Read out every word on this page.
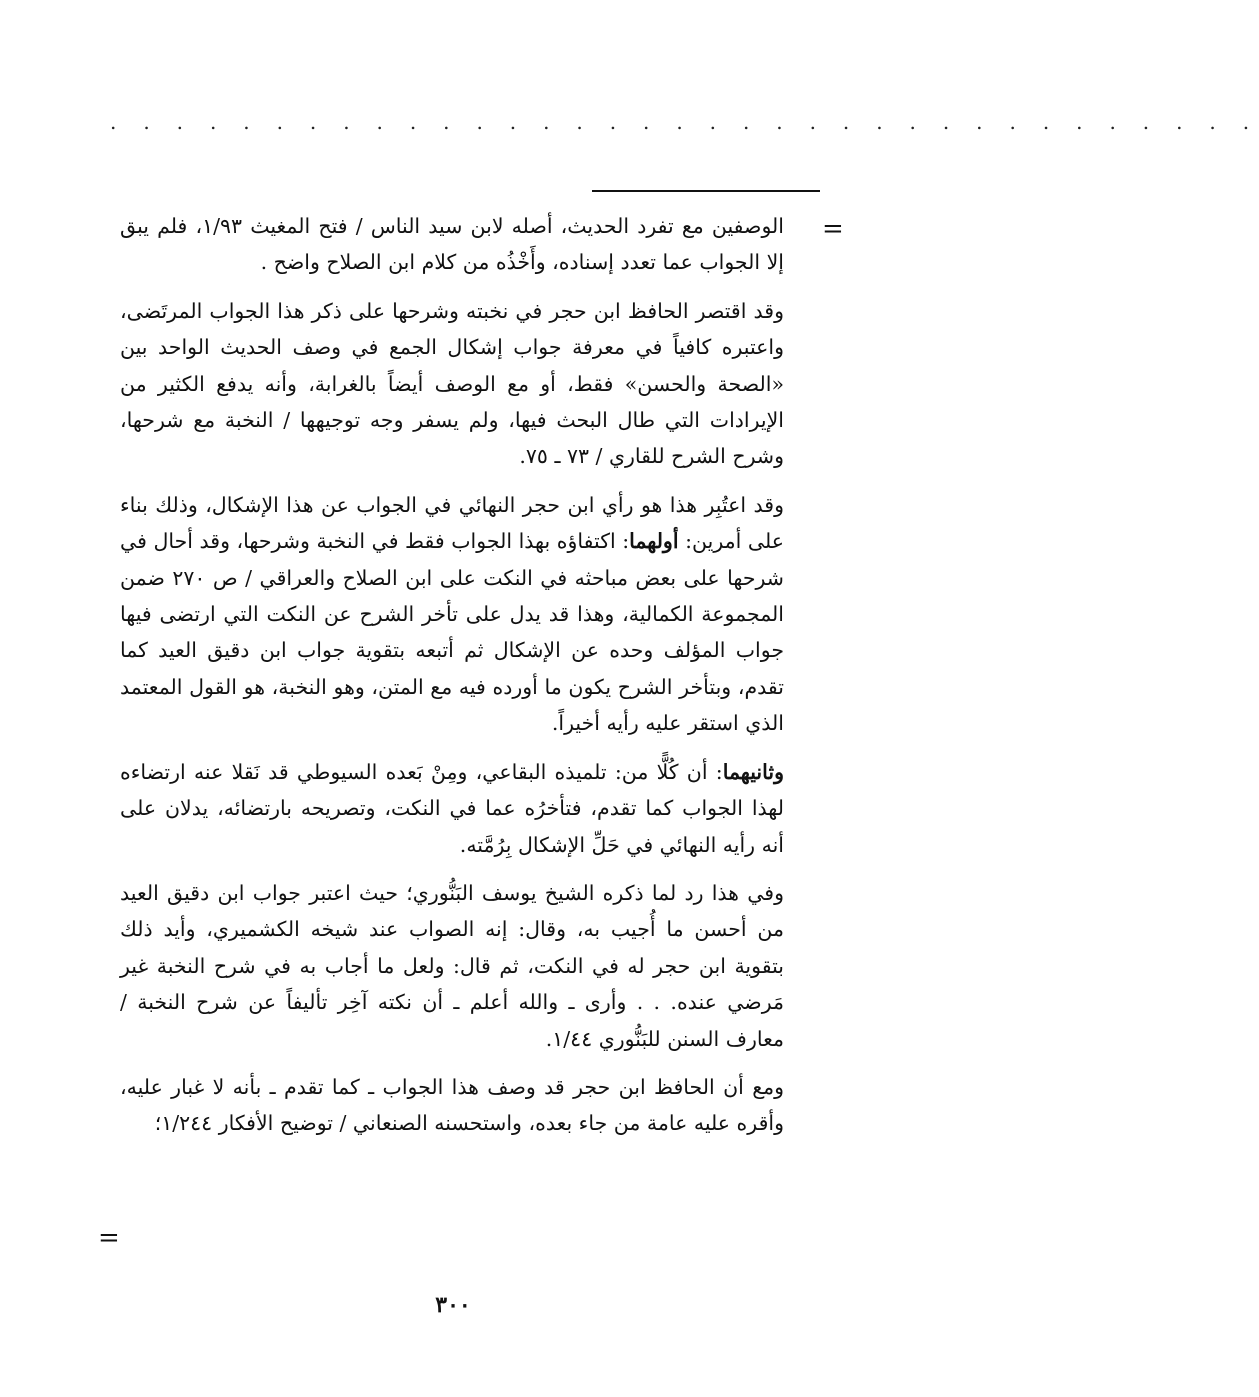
. . . . . . . . . . . . . . . . . . . . . . . . . . . . . . . . . . .
=

الوصفين مع تفرد الحديث، أصله لابن سيد الناس / فتح المغيث ١/٩٣، فلم يبق إلا الجواب عما تعدد إسناده، وأَخْذُه من كلام ابن الصلاح واضح .

وقد اقتصر الحافظ ابن حجر في نخبته وشرحها على ذكر هذا الجواب المرتَضى، واعتبره كافياً في معرفة جواب إشكال الجمع في وصف الحديث الواحد بين «الصحة والحسن» فقط، أو مع الوصف أيضاً بالغرابة، وأنه يدفع الكثير من الإيرادات التي طال البحث فيها، ولم يسفر وجه توجيهها / النخبة مع شرحها، وشرح الشرح للقاري / ٧٣ ـ ٧٥.

وقد اعتُبِر هذا هو رأي ابن حجر النهائي في الجواب عن هذا الإشكال، وذلك بناء على أمرين: أولهما: اكتفاؤه بهذا الجواب فقط في النخبة وشرحها، وقد أحال في شرحها على بعض مباحثه في النكت على ابن الصلاح والعراقي / ص ٢٧٠ ضمن المجموعة الكمالية، وهذا قد يدل على تأخر الشرح عن النكت التي ارتضى فيها جواب المؤلف وحده عن الإشكال ثم أتبعه بتقوية جواب ابن دقيق العيد كما تقدم، وبتأخر الشرح يكون ما أورده فيه مع المتن، وهو النخبة، هو القول المعتمد الذي استقر عليه رأيه أخيراً.

وثانيهما: أن كُلًّا من: تلميذه البقاعي، ومِنْ بَعده السيوطي قد نَقلا عنه ارتضاءه لهذا الجواب كما تقدم، فتأخرُه عما في النكت، وتصريحه بارتضائه، يدلان على أنه رأيه النهائي في حَلِّ الإشكال بِرُمَّته.

وفي هذا رد لما ذكره الشيخ يوسف البَنُّوري؛ حيث اعتبر جواب ابن دقيق العيد من أحسن ما أُجيب به، وقال: إنه الصواب عند شيخه الكشميري، وأيد ذلك بتقوية ابن حجر له في النكت، ثم قال: ولعل ما أجاب به في شرح النخبة غير مَرضي عنده. . . وأرى ـ والله أعلم ـ أن نكته آخِر تأليفاً عن شرح النخبة / معارف السنن للبَنُّوري ١/٤٤.

ومع أن الحافظ ابن حجر قد وصف هذا الجواب ـ كما تقدم ـ بأنه لا غبار عليه، وأقره عليه عامة من جاء بعده، واستحسنه الصنعاني / توضيح الأفكار ١/٢٤٤؛

=
٣٠٠
